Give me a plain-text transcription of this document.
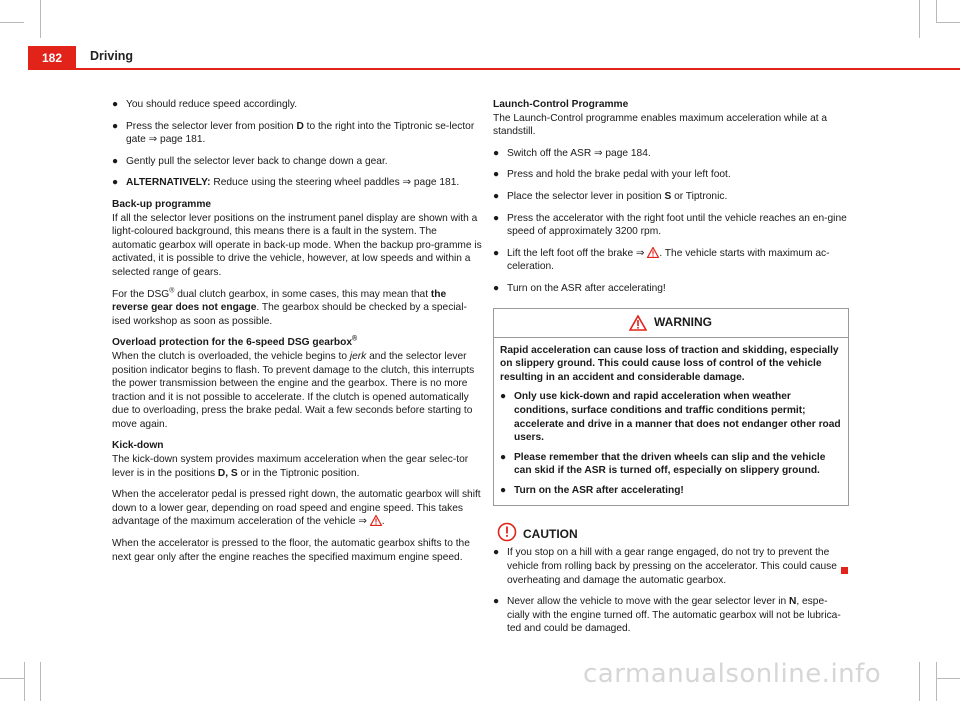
182	Driving
● You should reduce speed accordingly.
● Press the selector lever from position D to the right into the Tiptronic se-lector gate ⇒ page 181.
● Gently pull the selector lever back to change down a gear.
● ALTERNATIVELY: Reduce using the steering wheel paddles ⇒ page 181.

Back-up programme

If all the selector lever positions on the instrument panel display are shown with a light-coloured background, this means there is a fault in the system. The automatic gearbox will operate in back-up mode. When the backup pro-gramme is activated, it is possible to drive the vehicle, however, at low speeds and within a selected range of gears.

For the DSG® dual clutch gearbox, in some cases, this may mean that the reverse gear does not engage. The gearbox should be checked by a special-ised workshop as soon as possible.

Overload protection for the 6-speed DSG gearbox®

When the clutch is overloaded, the vehicle begins to jerk and the selector lever position indicator begins to flash. To prevent damage to the clutch, this interrupts the power transmission between the engine and the gearbox. There is no more traction and it is not possible to accelerate. If the clutch is opened automatically due to overloading, press the brake pedal. Wait a few seconds before starting to move again.

Kick-down

The kick-down system provides maximum acceleration when the gear selec-tor lever is in the positions D, S or in the Tiptronic position.

When the accelerator pedal is pressed right down, the automatic gearbox will shift down to a lower gear, depending on road speed and engine speed. This takes advantage of the maximum acceleration of the vehicle ⇒ .

When the accelerator is pressed to the floor, the automatic gearbox shifts to the next gear only after the engine reaches the specified maximum engine speed.

Launch-Control Programme

The Launch-Control programme enables maximum acceleration while at a standstill.

● Switch off the ASR ⇒ page 184.
● Press and hold the brake pedal with your left foot.
● Place the selector lever in position S or Tiptronic.
● Press the accelerator with the right foot until the vehicle reaches an en-gine speed of approximately 3200 rpm.
● Lift the left foot off the brake ⇒ . The vehicle starts with maximum ac-celeration.
● Turn on the ASR after accelerating!
WARNING

Rapid acceleration can cause loss of traction and skidding, especially on slippery ground. This could cause loss of control of the vehicle resulting in an accident and considerable damage.

● Only use kick-down and rapid acceleration when weather conditions, surface conditions and traffic conditions permit; accelerate and drive in a manner that does not endanger other road users.
● Please remember that the driven wheels can slip and the vehicle can skid if the ASR is turned off, especially on slippery ground.
● Turn on the ASR after accelerating!
CAUTION
● If you stop on a hill with a gear range engaged, do not try to prevent the vehicle from rolling back by pressing on the accelerator. This could cause overheating and damage the automatic gearbox.
● Never allow the vehicle to move with the gear selector lever in N, espe-cially with the engine turned off. The automatic gearbox will not be lubrica-ted and could be damaged.
carmanualsonline.info
